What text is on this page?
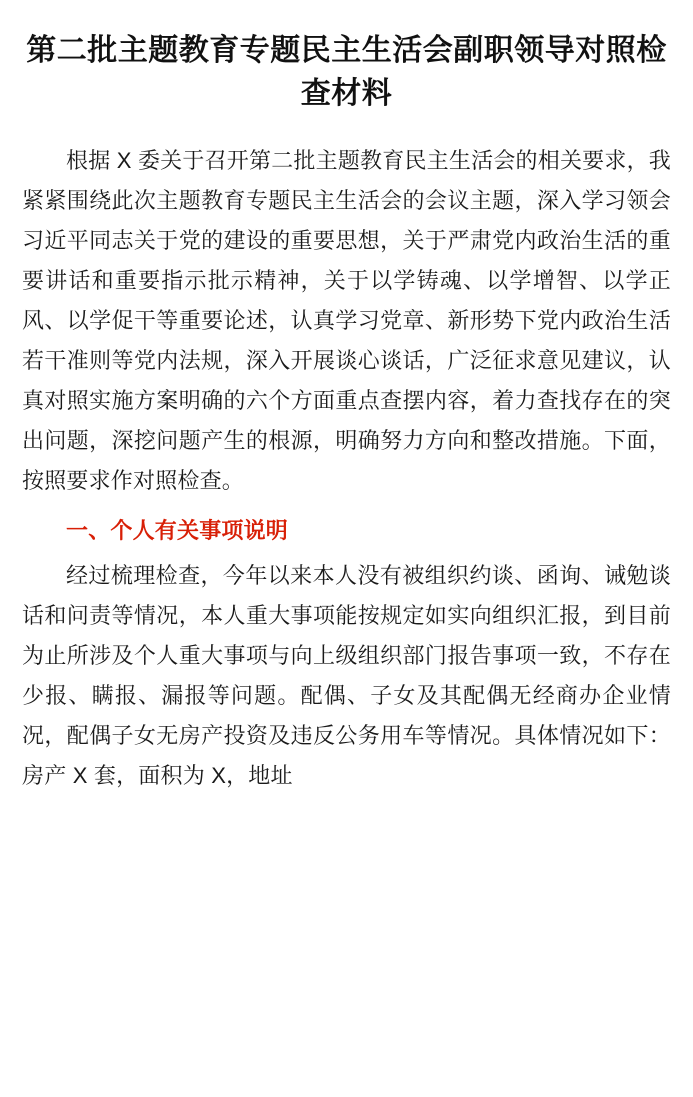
第二批主题教育专题民主生活会副职领导对照检查材料

根据 X 委关于召开第二批主题教育民主生活会的相关要求，我紧紧围绕此次主题教育专题民主生活会的会议主题，深入学习领会习近平同志关于党的建设的重要思想，关于严肃党内政治生活的重要讲话和重要指示批示精神，关于以学铸魂、以学增智、以学正风、以学促干等重要论述，认真学习党章、新形势下党内政治生活若干准则等党内法规，深入开展谈心谈话，广泛征求意见建议，认真对照实施方案明确的六个方面重点查摆内容，着力查找存在的突出问题，深挖问题产生的根源，明确努力方向和整改措施。下面，按照要求作对照检查。

一、个人有关事项说明

经过梳理检查，今年以来本人没有被组织约谈、函询、诫勉谈话和问责等情况，本人重大事项能按规定如实向组织汇报，到目前为止所涉及个人重大事项与向上级组织部门报告事项一致，不存在少报、瞒报、漏报等问题。配偶、子女及其配偶无经商办企业情况，配偶子女无房产投资及违反公务用车等情况。具体情况如下：房产 X 套，面积为 X，地址
